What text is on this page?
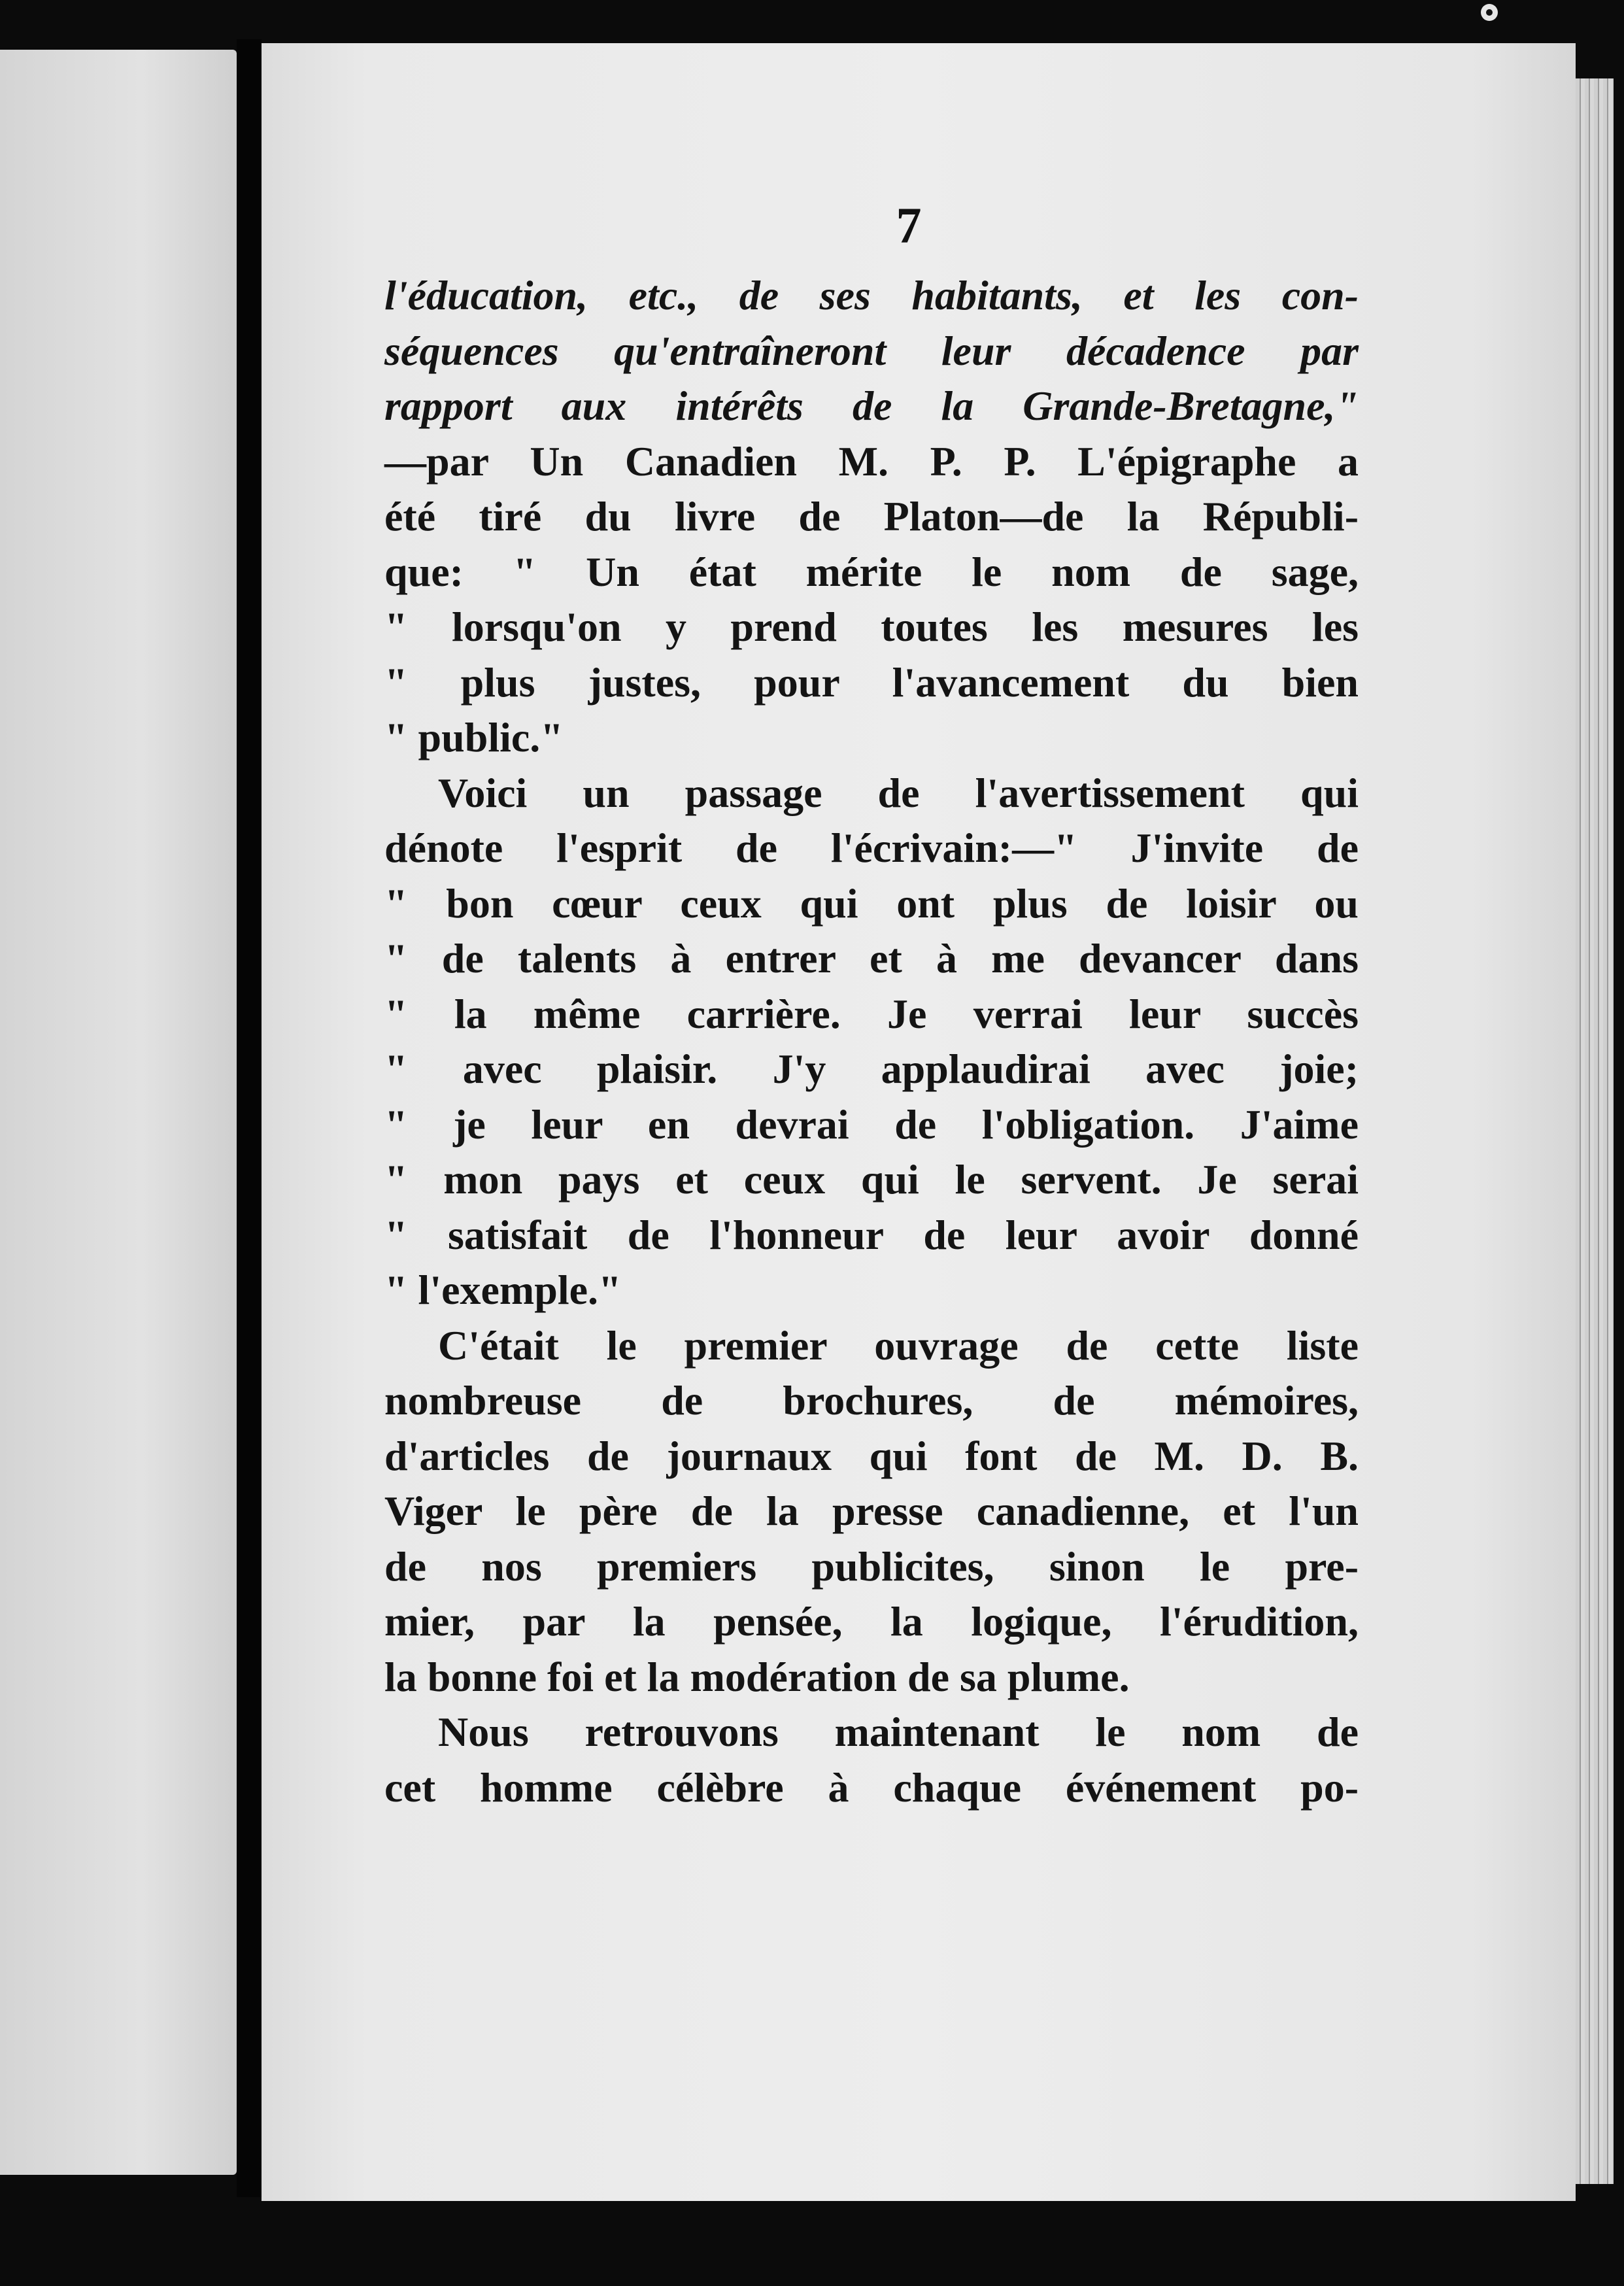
7
l'éducation, etc., de ses habitants, et les con-
séquences qu'entraîneront leur décadence par
rapport aux intérêts de la Grande-Bretagne,"
—par Un Canadien M. P. P. L'épigraphe a
été tiré du livre de Platon—de la Républi-
que: " Un état mérite le nom de sage,
" lorsqu'on y prend toutes les mesures les
" plus justes, pour l'avancement du bien
" public."
Voici un passage de l'avertissement qui
dénote l'esprit de l'écrivain:—" J'invite de
" bon cœur ceux qui ont plus de loisir ou
" de talents à entrer et à me devancer dans
" la même carrière. Je verrai leur succès
" avec plaisir. J'y applaudirai avec joie;
" je leur en devrai de l'obligation. J'aime
" mon pays et ceux qui le servent. Je serai
" satisfait de l'honneur de leur avoir donné
" l'exemple."
C'était le premier ouvrage de cette liste
nombreuse de brochures, de mémoires,
d'articles de journaux qui font de M. D. B.
Viger le père de la presse canadienne, et l'un
de nos premiers publicites, sinon le pre-
mier, par la pensée, la logique, l'érudition,
la bonne foi et la modération de sa plume.
Nous retrouvons maintenant le nom de
cet homme célèbre à chaque événement po-
